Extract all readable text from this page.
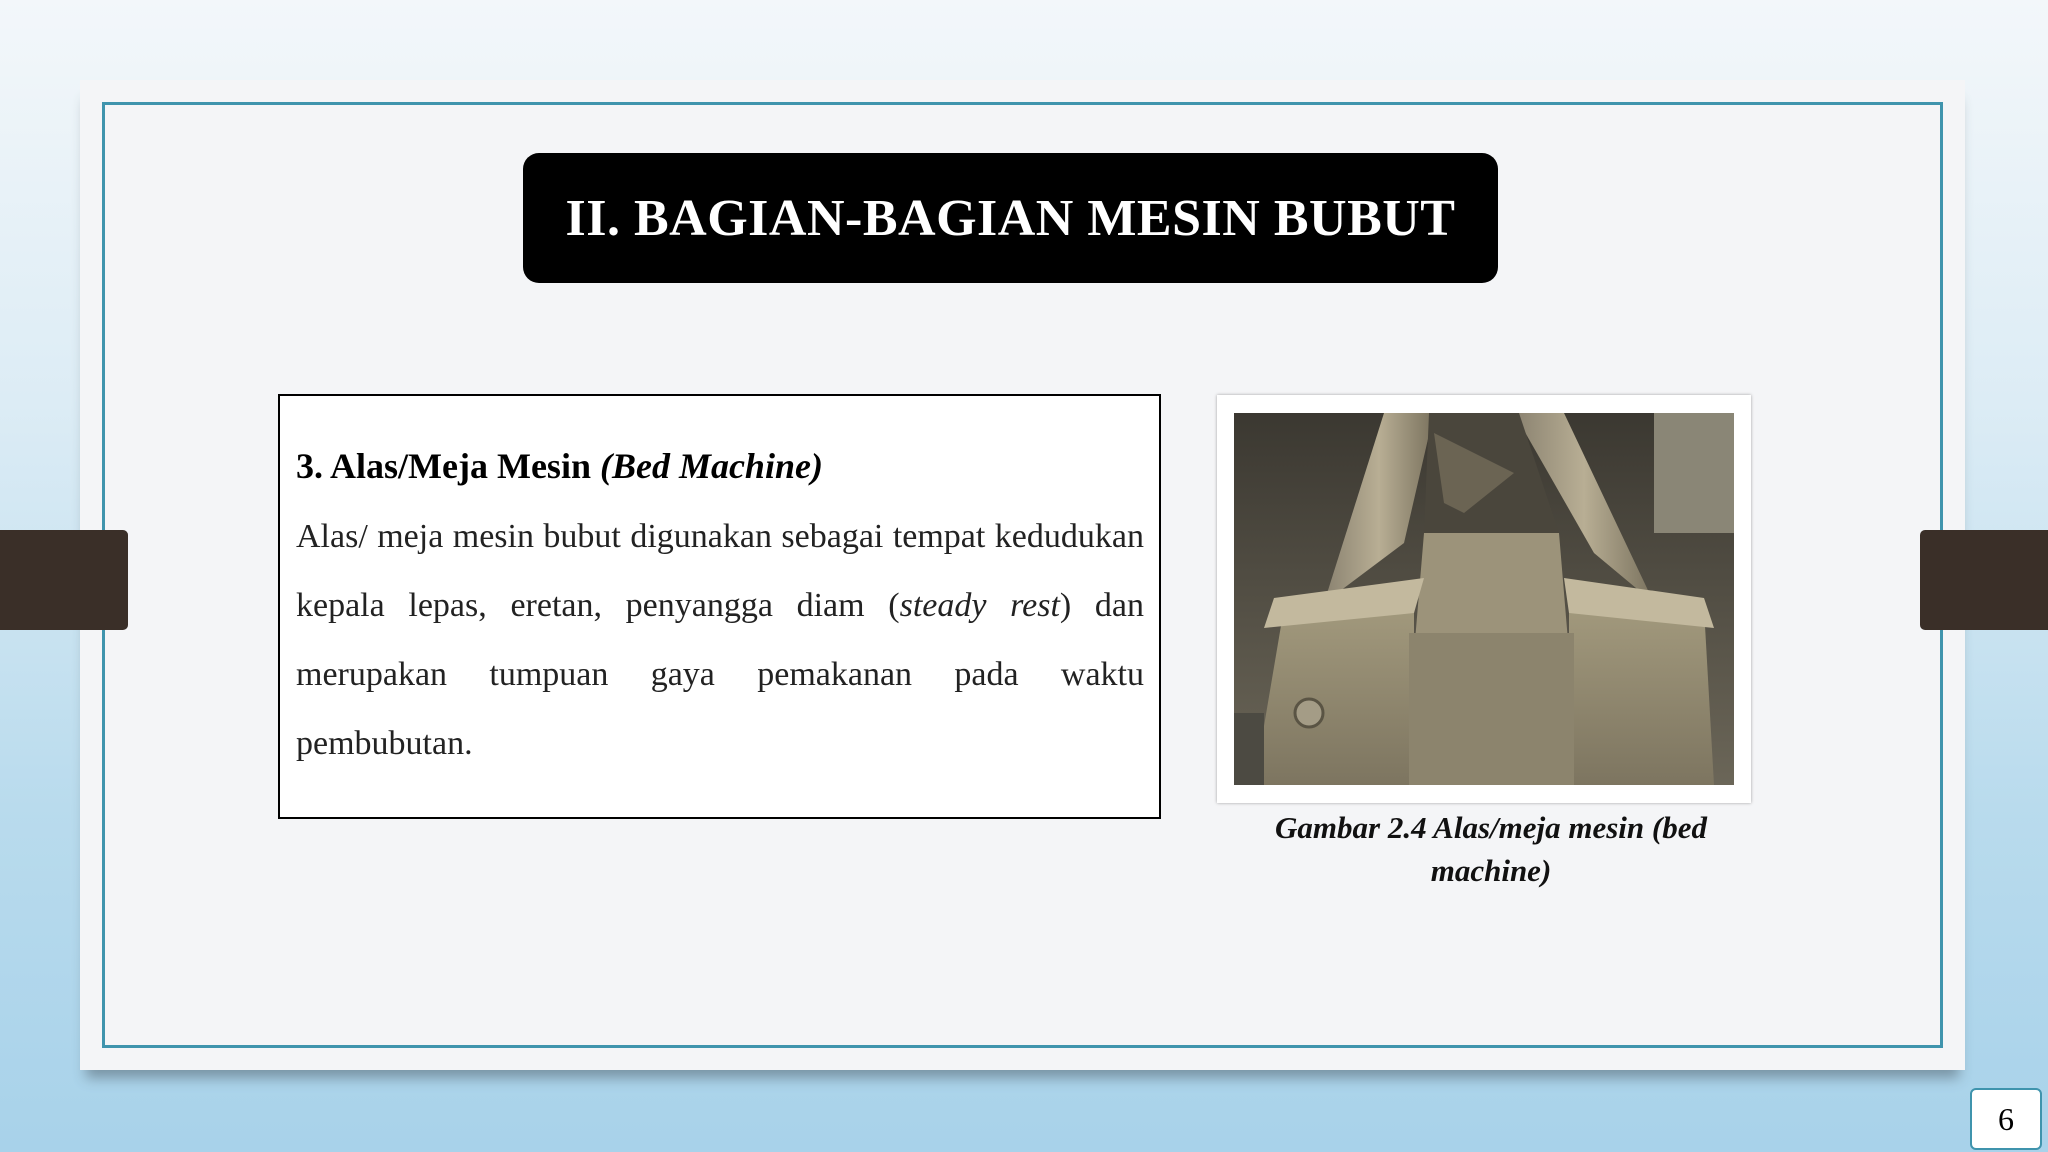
II. BAGIAN-BAGIAN MESIN BUBUT

3. Alas/Meja Mesin (Bed Machine)

Alas/ meja mesin bubut digunakan sebagai tempat kedudukan kepala lepas, eretan, penyangga diam (steady rest) dan merupakan tumpuan gaya pemakanan pada waktu pembubutan.

Gambar 2.4 Alas/meja mesin (bed machine)
6
